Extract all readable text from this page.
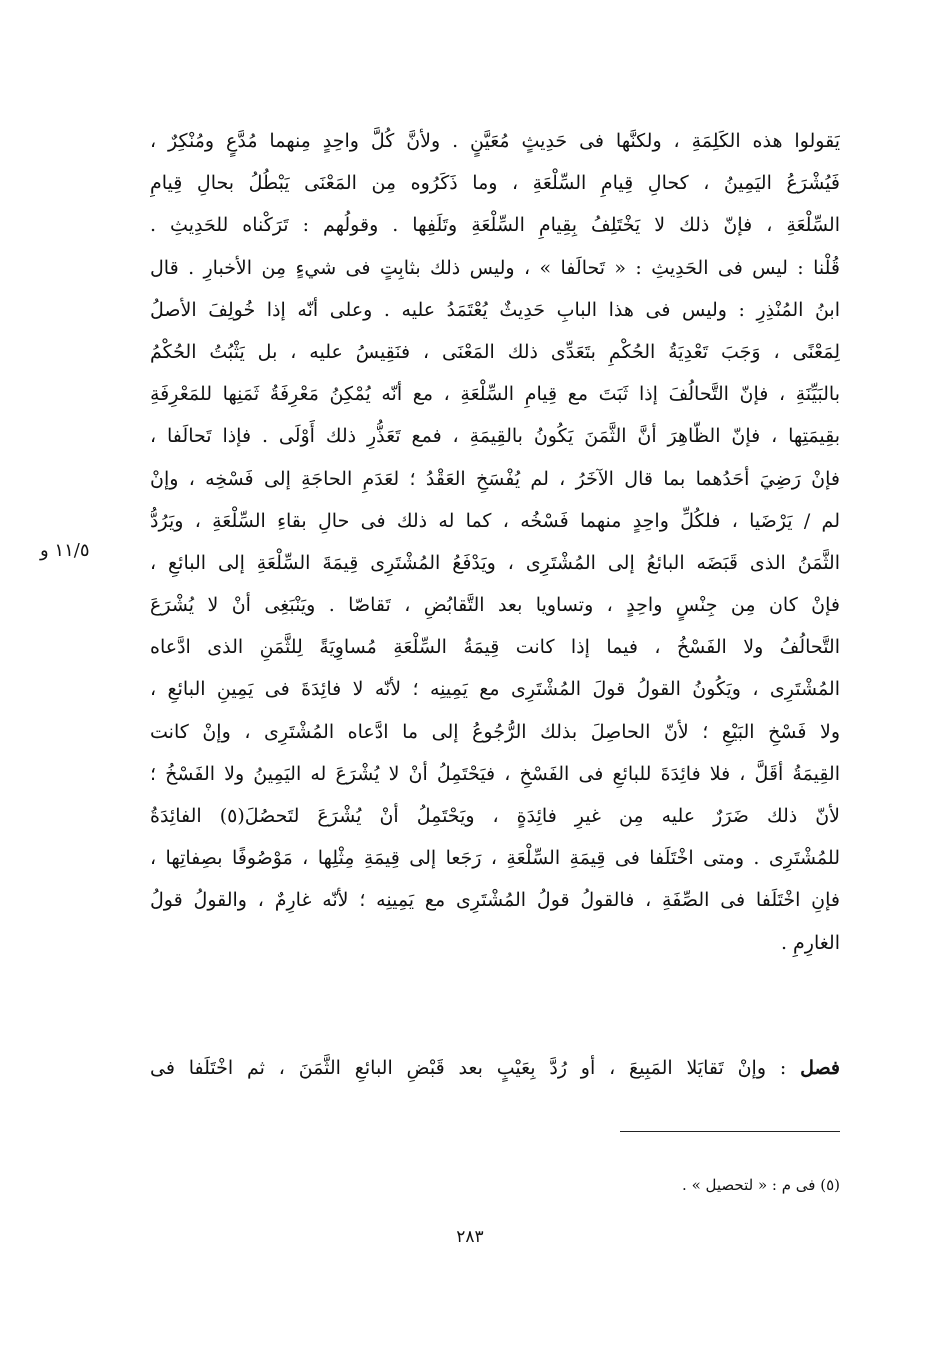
يَقولوا هذه الكَلِمَةِ ، ولكنَّها فى حَدِيثٍ مُعَيَّنٍ . ولأنَّ كُلَّ واحِدٍ مِنهما مُدَّعٍ ومُنْكِرٌ ،
فَيُشْرَعُ اليَمِينُ ، كحالِ قِيامِ السِّلْعَةِ ، وما ذَكَرُوه مِن المَعْنَى يَبْطُلُ بحالِ قِيامِ
السِّلْعَةِ ، فإنّ ذلك لا يَخْتَلِفُ بِقِيامِ السِّلْعَةِ وتَلَفِها . وقولُهم : تَرَكْناه للحَدِيثِ .
قُلْنا : ليس فى الحَدِيثِ : « تَحالَفا » ، وليس ذلك بثابِتٍ فى شيءٍ مِن الأخبارِ . قال
ابنُ المُنْذِرِ : وليس فى هذا البابِ حَدِيثٌ يُعْتَمَدُ عليه . وعلى أنّه إذا خُولِفَ الأصلُ
لِمَعْنًى ، وَجَبَ تَعْدِيَةُ الحُكْمِ بتَعَدِّى ذلك المَعْنَى ، فنَقِيسُ عليه ، بل يَثْبُتُ الحُكْمُ
بالبَيِّنَةِ ، فإنّ التَّحالُفَ إذا ثَبَتَ مع قِيامِ السِّلْعَةِ ، مع أنّه يُمْكِنُ مَعْرِفَةُ ثَمَنِها للمَعْرِفَةِ
بقِيمَتِها ، فإنّ الظّاهِرَ أنَّ الثَّمَنَ يَكُونُ بالقِيمَةِ ، فمع تَعَذُّرِ ذلك أَوْلَى . فإذا تَحالَفا ،
فإنْ رَضِيَ أحَدُهما بما قال الآخَرُ ، لم يُفْسَخِ العَقْدُ ؛ لعَدَمِ الحاجَةِ إلى فَسْخِه ، وإنْ
لم / يَرْضَيا ، فلكُلِّ واحِدٍ منهما فَسْخُه ، كما له ذلك فى حالِ بقاءِ السِّلْعَةِ ، ويَرُدُّ
الثَّمَنُ الذى قَبَضَه البائعُ إلى المُشْتَرِى ، ويَدْفَعُ المُشْتَرِى قِيمَةَ السِّلْعَةِ إلى البائعِ ،
فإنْ كان مِن جِنْسٍ واحِدٍ ، وتساويا بعد التَّقابُضِ ، تَقاصّا . ويَنْبَغِى أنْ لا يُشْرَعَ
التَّحالُفُ ولا الفَسْخُ ، فيما إذا كانت قِيمَةُ السِّلْعَةِ مُساوِيَةً لِلثَّمَنِ الذى ادَّعاه
المُشْتَرِى ، ويَكُونُ القولُ قولَ المُشْتَرِى مع يَمِينِه ؛ لأنّه لا فائِدَةَ فى يَمِينِ البائعِ ،
ولا فَسْخِ البَيْعِ ؛ لأنّ الحاصِلَ بذلك الرُّجُوعُ إلى ما ادَّعاه المُشْتَرِى ، وإنْ كانت
القِيمَةُ أقَلَّ ، فلا فائِدَةَ للبائعِ فى الفَسْخِ ، فيَحْتَمِلُ أنْ لا يُشْرَعَ له اليَمِينُ ولا الفَسْخُ ؛
لأنّ ذلك ضَرَرٌ عليه مِن غيرِ فائِدَةٍ ، ويَحْتَمِلُ أنْ يُشْرَعَ لتَحصُلَ(٥) الفائِدَةُ
للمُشْتَرِى . ومتى اخْتَلَفا فى قِيمَةِ السِّلْعَةِ ، رَجَعا إلى قِيمَةِ مِثْلِها ، مَوْصُوفًا بصِفاتِها ،
فإنِ اخْتَلَفا فى الصِّفَةِ ، فالقولُ قولُ المُشْتَرِى مع يَمِينِه ؛ لأنّه غارِمٌ ، والقولُ قولُ
الغارِمِ .
فصل : وإنْ تَقايَلا المَبِيعَ ، أو رُدَّ بِعَيْبٍ بعد قَبْضِ البائعِ الثَّمَنَ ، ثم اخْتَلَفا فى
١١/٥ و
(٥) فى م : « لتحصيل » .
٢٨٣
